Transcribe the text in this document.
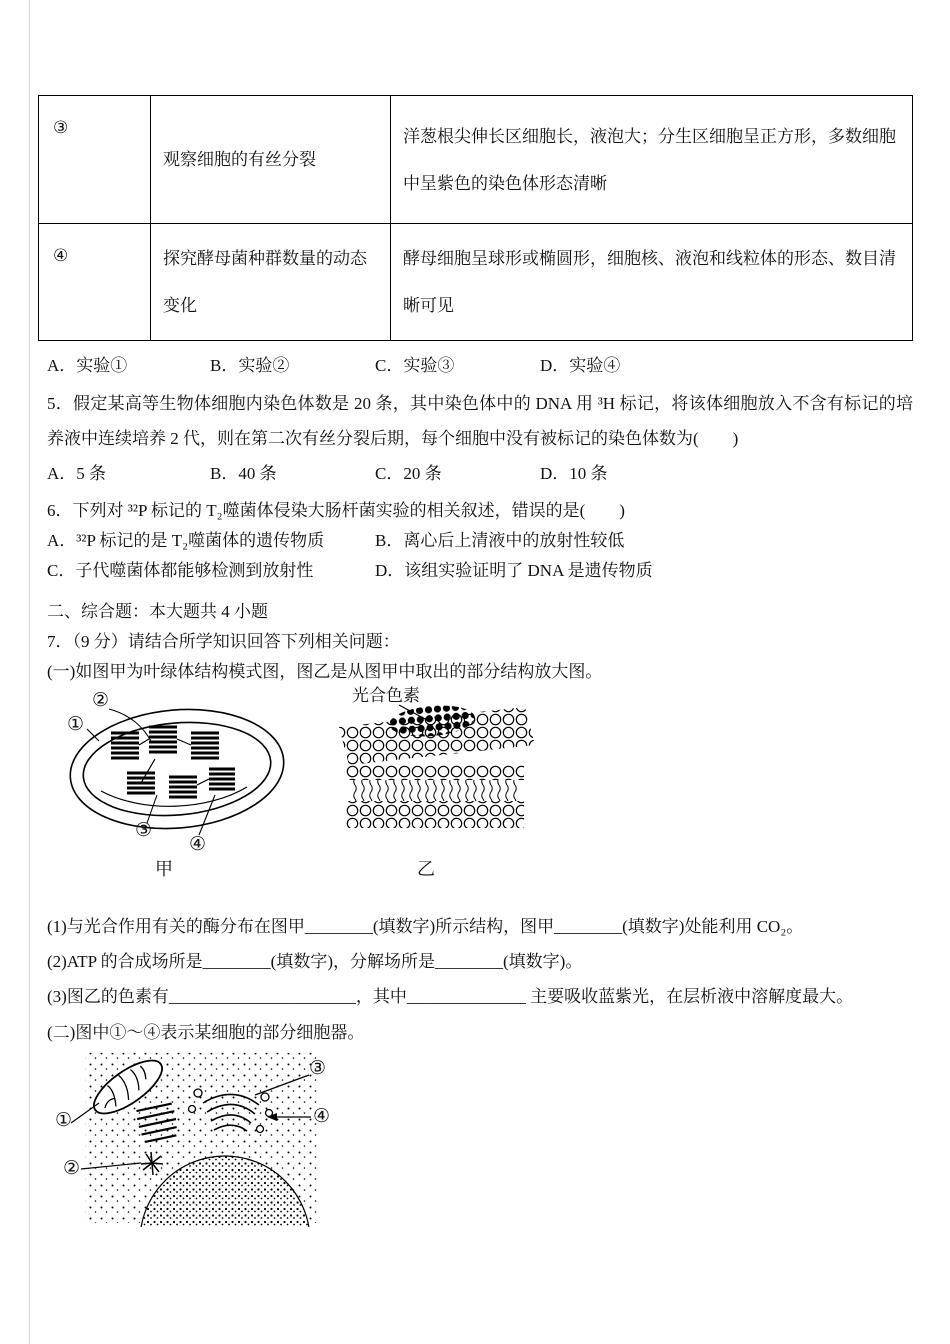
③	观察细胞的有丝分裂	洋葱根尖伸长区细胞长，液泡大；分生区细胞呈正方形，多数细胞中呈紫色的染色体形态清晰
④	探究酵母菌种群数量的动态变化	酵母细胞呈球形或椭圆形，细胞核、液泡和线粒体的形态、数目清晰可见
A．实验①	B．实验②	C．实验③	D．实验④

5．假定某高等生物体细胞内染色体数是 20 条，其中染色体中的 DNA 用 ³H 标记，将该体细胞放入不含有标记的培养液中连续培养 2 代，则在第二次有丝分裂后期，每个细胞中没有被标记的染色体数为(　　)

A．5 条	B．40 条	C．20 条	D．10 条

6．下列对 ³²P 标记的 T₂噬菌体侵染大肠杆菌实验的相关叙述，错误的是(　　)

A．³²P 标记的是 T₂噬菌体的遗传物质	B．离心后上清液中的放射性较低
C．子代噬菌体都能够检测到放射性	D．该组实验证明了 DNA 是遗传物质

二、综合题：本大题共 4 小题

7．（9 分）请结合所学知识回答下列相关问题：

(一)如图甲为叶绿体结构模式图，图乙是从图甲中取出的部分结构放大图。

光合色素
②
①
③
④
甲	乙

(1)与光合作用有关的酶分布在图甲________(填数字)所示结构，图甲________(填数字)处能利用 CO₂。

(2)ATP 的合成场所是________(填数字)，分解场所是________(填数字)。

(3)图乙的色素有______________________，其中______________ 主要吸收蓝紫光，在层析液中溶解度最大。

(二)图中①～④表示某细胞的部分细胞器。

①
②
③
④
